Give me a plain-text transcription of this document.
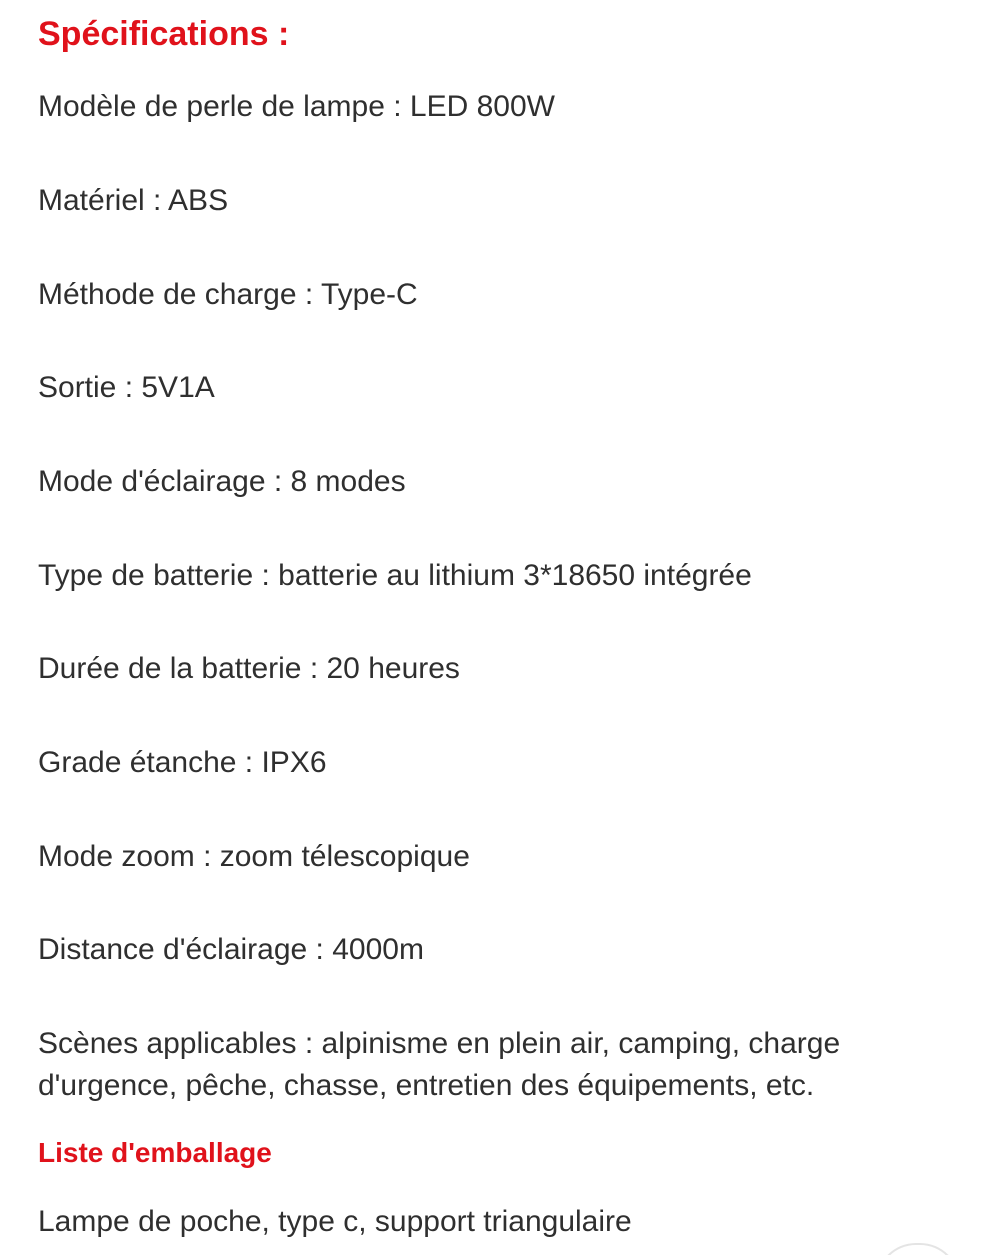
Spécifications :

Modèle de perle de lampe : LED 800W

Matériel : ABS

Méthode de charge : Type-C

Sortie : 5V1A

Mode d'éclairage : 8 modes

Type de batterie : batterie au lithium 3*18650 intégrée

Durée de la batterie : 20 heures

Grade étanche : IPX6

Mode zoom : zoom télescopique

Distance d'éclairage : 4000m

Scènes applicables : alpinisme en plein air, camping, charge

d'urgence, pêche, chasse, entretien des équipements, etc.

Liste d'emballage

Lampe de poche, type c, support triangulaire
